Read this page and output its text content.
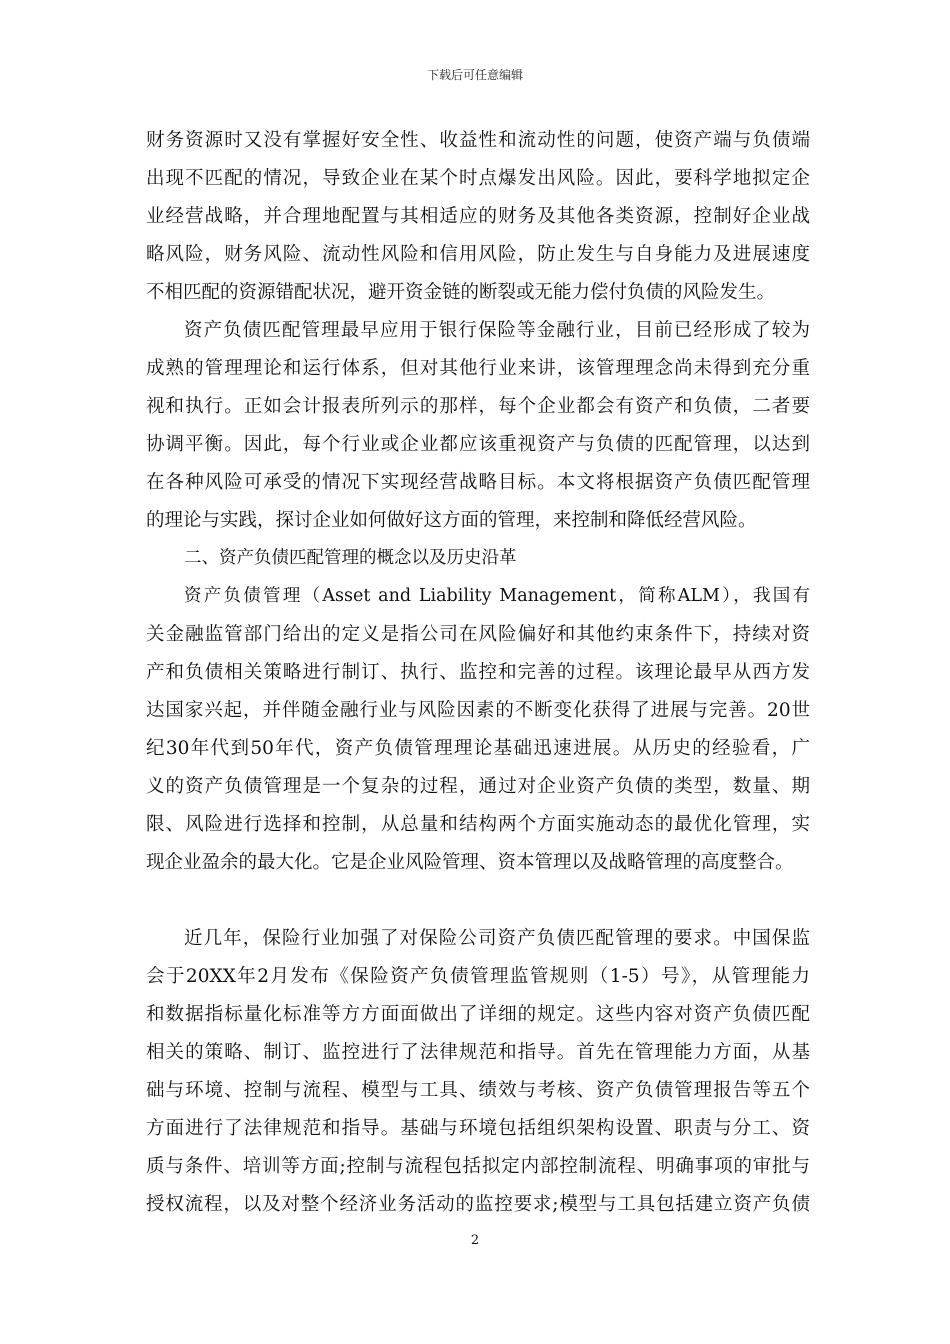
下载后可任意编辑
财务资源时又没有掌握好安全性、收益性和流动性的问题，使资产端与负债端
出现不匹配的情况，导致企业在某个时点爆发出风险。因此，要科学地拟定企
业经营战略，并合理地配置与其相适应的财务及其他各类资源，控制好企业战
略风险，财务风险、流动性风险和信用风险，防止发生与自身能力及进展速度
不相匹配的资源错配状况，避开资金链的断裂或无能力偿付负债的风险发生。
资产负债匹配管理最早应用于银行保险等金融行业，目前已经形成了较为
成熟的管理理论和运行体系，但对其他行业来讲，该管理理念尚未得到充分重
视和执行。正如会计报表所列示的那样，每个企业都会有资产和负债，二者要
协调平衡。因此，每个行业或企业都应该重视资产与负债的匹配管理，以达到
在各种风险可承受的情况下实现经营战略目标。本文将根据资产负债匹配管理
的理论与实践，探讨企业如何做好这方面的管理，来控制和降低经营风险。
二、资产负债匹配管理的概念以及历史沿革
资产负债管理（Asset and Liability Management，简称ALM），我国有
关金融监管部门给出的定义是指公司在风险偏好和其他约束条件下，持续对资
产和负债相关策略进行制订、执行、监控和完善的过程。该理论最早从西方发
达国家兴起，并伴随金融行业与风险因素的不断变化获得了进展与完善。20世
纪30年代到50年代，资产负债管理理论基础迅速进展。从历史的经验看，广
义的资产负债管理是一个复杂的过程，通过对企业资产负债的类型，数量、期
限、风险进行选择和控制，从总量和结构两个方面实施动态的最优化管理，实
现企业盈余的最大化。它是企业风险管理、资本管理以及战略管理的高度整合。
近几年，保险行业加强了对保险公司资产负债匹配管理的要求。中国保监
会于20XX年2月发布《保险资产负债管理监管规则（1-5）号》，从管理能力
和数据指标量化标准等方方面面做出了详细的规定。这些内容对资产负债匹配
相关的策略、制订、监控进行了法律规范和指导。首先在管理能力方面，从基
础与环境、控制与流程、模型与工具、绩效与考核、资产负债管理报告等五个
方面进行了法律规范和指导。基础与环境包括组织架构设置、职责与分工、资
质与条件、培训等方面;控制与流程包括拟定内部控制流程、明确事项的审批与
授权流程，以及对整个经济业务活动的监控要求;模型与工具包括建立资产负债
2
